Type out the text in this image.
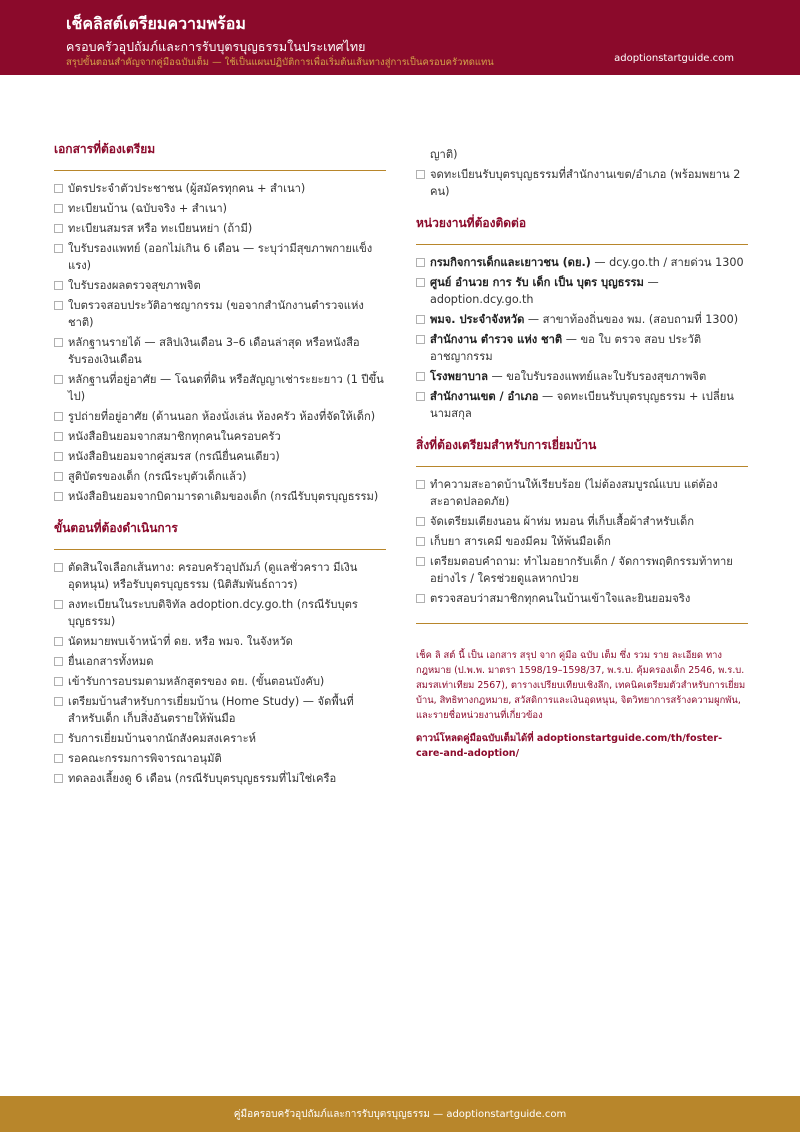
เช็คลิสต์เตรียมความพร้อม
ครอบครัวอุปถัมภ์และการรับบุตรบุญธรรมในประเทศไทย
สรุปขั้นตอนสำคัญจากคู่มือฉบับเต็ม — ใช้เป็นแผนปฏิบัติการเพื่อเริ่มต้นเส้นทางสู่การเป็นครอบครัวทดแทน	adoptionstartguide.com
เอกสารที่ต้องเตรียม
บัตรประจำตัวประชาชน (ผู้สมัครทุกคน + สำเนา)
ทะเบียนบ้าน (ฉบับจริง + สำเนา)
ทะเบียนสมรส หรือ ทะเบียนหย่า (ถ้ามี)
ใบรับรองแพทย์ (ออกไม่เกิน 6 เดือน — ระบุว่ามีสุขภาพกายแข็งแรง)
ใบรับรองผลตรวจสุขภาพจิต
ใบตรวจสอบประวัติอาชญากรรม (ขอจากสำนักงานตำรวจแห่งชาติ)
หลักฐานรายได้ — สลิปเงินเดือน 3–6 เดือนล่าสุด หรือหนังสือรับรองเงินเดือน
หลักฐานที่อยู่อาศัย — โฉนดที่ดิน หรือสัญญาเช่าระยะยาว (1 ปีขึ้นไป)
รูปถ่ายที่อยู่อาศัย (ด้านนอก ห้องนั่งเล่น ห้องครัว ห้องที่จัดให้เด็ก)
หนังสือยินยอมจากสมาชิกทุกคนในครอบครัว
หนังสือยินยอมจากคู่สมรส (กรณียื่นคนเดียว)
สูติบัตรของเด็ก (กรณีระบุตัวเด็กแล้ว)
หนังสือยินยอมจากบิดามารดาเดิมของเด็ก (กรณีรับบุตรบุญธรรม)
ขั้นตอนที่ต้องดำเนินการ
ตัดสินใจเลือกเส้นทาง: ครอบครัวอุปถัมภ์ (ดูแลชั่วคราว มีเงินอุดหนุน) หรือรับบุตรบุญธรรม (นิติสัมพันธ์ถาวร)
ลงทะเบียนในระบบดิจิทัล adoption.dcy.go.th (กรณีรับบุตรบุญธรรม)
นัดหมายพบเจ้าหน้าที่ ดย. หรือ พมจ. ในจังหวัด
ยื่นเอกสารทั้งหมด
เข้ารับการอบรมตามหลักสูตรของ ดย. (ขั้นตอนบังคับ)
เตรียมบ้านสำหรับการเยี่ยมบ้าน (Home Study) — จัดพื้นที่สำหรับเด็ก เก็บสิ่งอันตรายให้พ้นมือ
รับการเยี่ยมบ้านจากนักสังคมสงเคราะห์
รอคณะกรรมการพิจารณาอนุมัติ
ทดลองเลี้ยงดู 6 เดือน (กรณีรับบุตรบุญธรรมที่ไม่ใช่เครือ
ญาติ)
จดทะเบียนรับบุตรบุญธรรมที่สำนักงานเขต/อำเภอ (พร้อมพยาน 2 คน)
หน่วยงานที่ต้องติดต่อ
กรมกิจการเด็กและเยาวชน (ดย.) — dcy.go.th / สายด่วน 1300
ศูนย์ อำนวย การ รับ เด็ก เป็น บุตร บุญธรรม — adoption.dcy.go.th
พมจ. ประจำจังหวัด — สาขาท้องถิ่นของ พม. (สอบถามที่ 1300)
สำนักงาน ตำรวจ แห่ง ชาติ — ขอ ใบ ตรวจ สอบ ประวัติอาชญากรรม
โรงพยาบาล — ขอใบรับรองแพทย์และใบรับรองสุขภาพจิต
สำนักงานเขต / อำเภอ — จดทะเบียนรับบุตรบุญธรรม + เปลี่ยนนามสกุล
สิ่งที่ต้องเตรียมสำหรับการเยี่ยมบ้าน
ทำความสะอาดบ้านให้เรียบร้อย (ไม่ต้องสมบูรณ์แบบ แต่ต้องสะอาดปลอดภัย)
จัดเตรียมเตียงนอน ผ้าห่ม หมอน ที่เก็บเสื้อผ้าสำหรับเด็ก
เก็บยา สารเคมี ของมีคม ให้พ้นมือเด็ก
เตรียมตอบคำถาม: ทำไมอยากรับเด็ก / จัดการพฤติกรรมท้าทายอย่างไร / ใครช่วยดูแลหากป่วย
ตรวจสอบว่าสมาชิกทุกคนในบ้านเข้าใจและยินยอมจริง

เช็ค ลิ สต์ นี้ เป็น เอกสาร สรุป จาก คู่มือ ฉบับ เต็ม ซึ่ง รวม ราย ละเอียด ทางกฎหมาย (ป.พ.พ. มาตรา 1598/19–1598/37, พ.ร.บ. คุ้มครองเด็ก 2546, พ.ร.บ. สมรสเท่าเทียม 2567), ตารางเปรียบเทียบเชิงลึก, เทคนิคเตรียมตัวสำหรับการเยี่ยมบ้าน, สิทธิทางกฎหมาย, สวัสดิการและเงินอุดหนุน, จิตวิทยาการสร้างความผูกพัน, และรายชื่อหน่วยงานที่เกี่ยวข้อง

ดาวน์โหลดคู่มือฉบับเต็มได้ที่ adoptionstartguide.com/th/foster-care-and-adoption/

คู่มือครอบครัวอุปถัมภ์และการรับบุตรบุญธรรม — adoptionstartguide.com
